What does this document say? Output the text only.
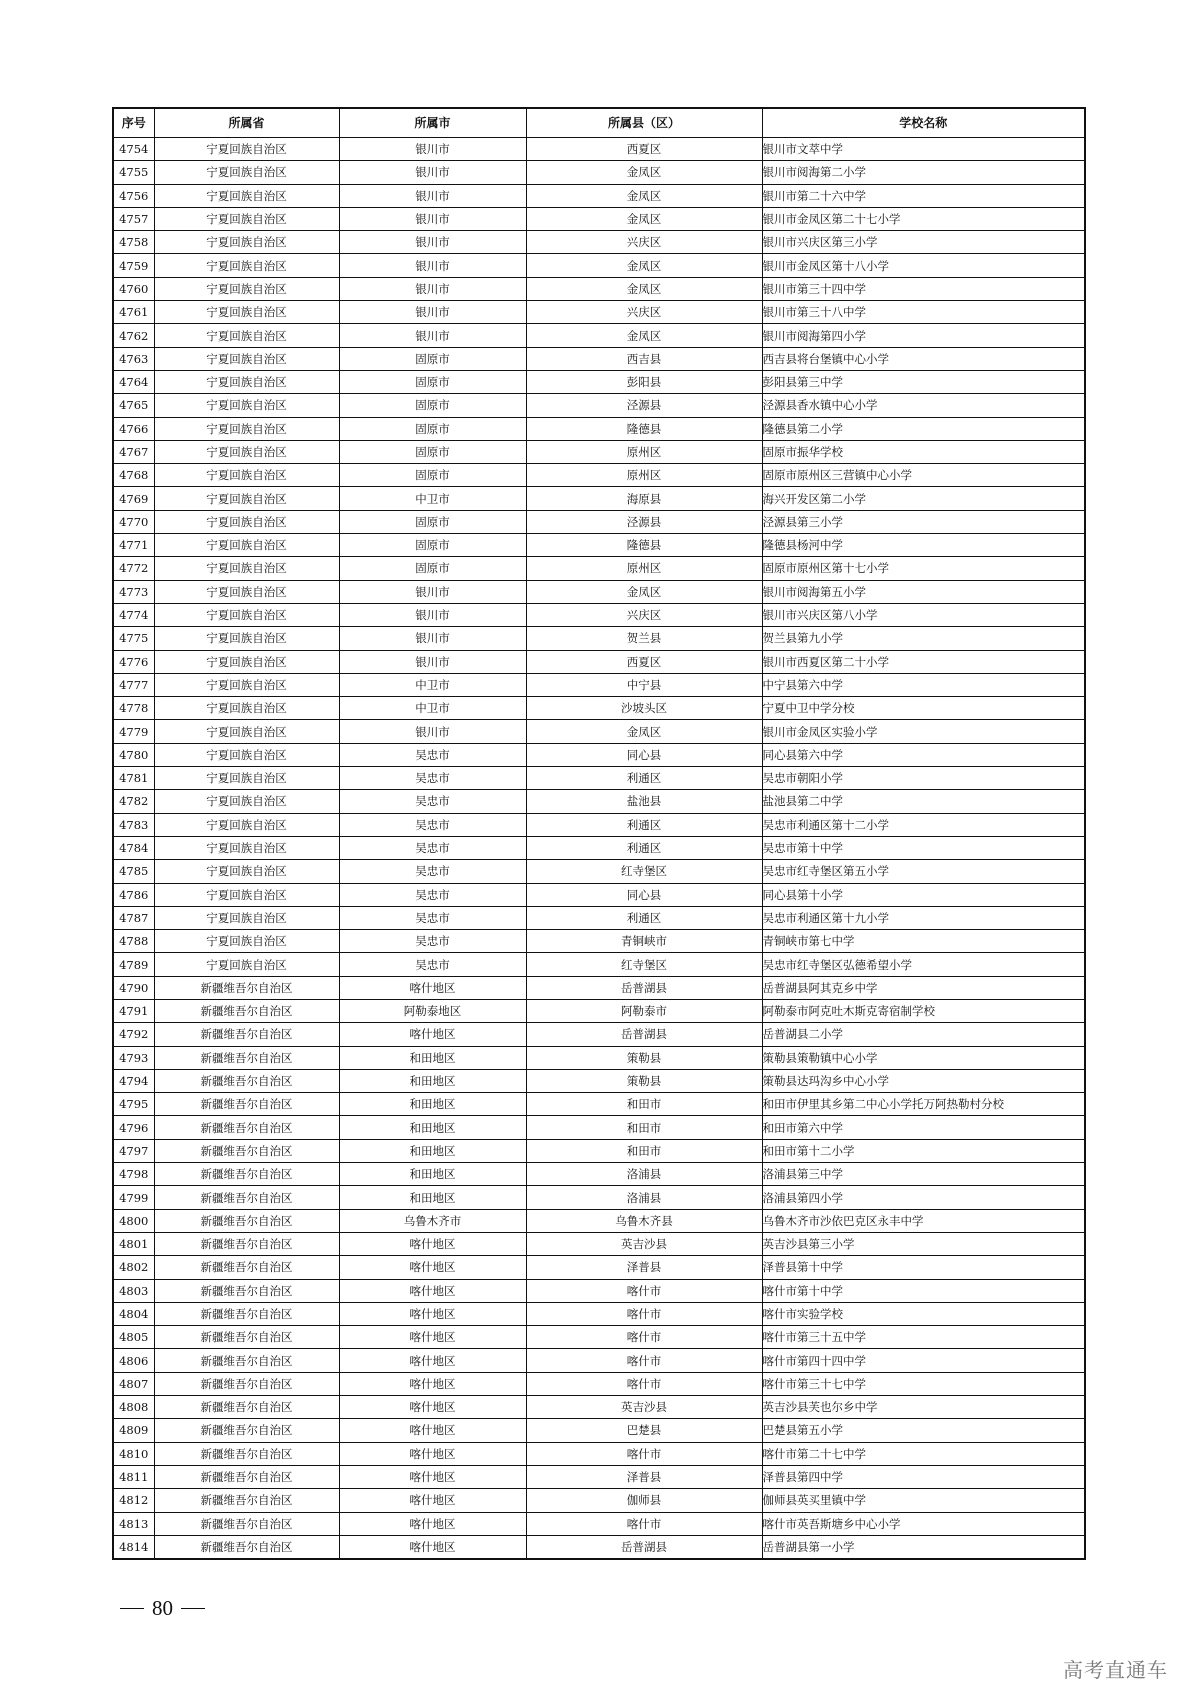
序号	所属省	所属市	所属县（区）	学校名称
4754	宁夏回族自治区	银川市	西夏区	银川市文萃中学
4755	宁夏回族自治区	银川市	金凤区	银川市阅海第二小学
4756	宁夏回族自治区	银川市	金凤区	银川市第二十六中学
4757	宁夏回族自治区	银川市	金凤区	银川市金凤区第二十七小学
4758	宁夏回族自治区	银川市	兴庆区	银川市兴庆区第三小学
4759	宁夏回族自治区	银川市	金凤区	银川市金凤区第十八小学
4760	宁夏回族自治区	银川市	金凤区	银川市第三十四中学
4761	宁夏回族自治区	银川市	兴庆区	银川市第三十八中学
4762	宁夏回族自治区	银川市	金凤区	银川市阅海第四小学
4763	宁夏回族自治区	固原市	西吉县	西吉县将台堡镇中心小学
4764	宁夏回族自治区	固原市	彭阳县	彭阳县第三中学
4765	宁夏回族自治区	固原市	泾源县	泾源县香水镇中心小学
4766	宁夏回族自治区	固原市	隆德县	隆德县第二小学
4767	宁夏回族自治区	固原市	原州区	固原市振华学校
4768	宁夏回族自治区	固原市	原州区	固原市原州区三营镇中心小学
4769	宁夏回族自治区	中卫市	海原县	海兴开发区第二小学
4770	宁夏回族自治区	固原市	泾源县	泾源县第三小学
4771	宁夏回族自治区	固原市	隆德县	隆德县杨河中学
4772	宁夏回族自治区	固原市	原州区	固原市原州区第十七小学
4773	宁夏回族自治区	银川市	金凤区	银川市阅海第五小学
4774	宁夏回族自治区	银川市	兴庆区	银川市兴庆区第八小学
4775	宁夏回族自治区	银川市	贺兰县	贺兰县第九小学
4776	宁夏回族自治区	银川市	西夏区	银川市西夏区第二十小学
4777	宁夏回族自治区	中卫市	中宁县	中宁县第六中学
4778	宁夏回族自治区	中卫市	沙坡头区	宁夏中卫中学分校
4779	宁夏回族自治区	银川市	金凤区	银川市金凤区实验小学
4780	宁夏回族自治区	吴忠市	同心县	同心县第六中学
4781	宁夏回族自治区	吴忠市	利通区	吴忠市朝阳小学
4782	宁夏回族自治区	吴忠市	盐池县	盐池县第二中学
4783	宁夏回族自治区	吴忠市	利通区	吴忠市利通区第十二小学
4784	宁夏回族自治区	吴忠市	利通区	吴忠市第十中学
4785	宁夏回族自治区	吴忠市	红寺堡区	吴忠市红寺堡区第五小学
4786	宁夏回族自治区	吴忠市	同心县	同心县第十小学
4787	宁夏回族自治区	吴忠市	利通区	吴忠市利通区第十九小学
4788	宁夏回族自治区	吴忠市	青铜峡市	青铜峡市第七中学
4789	宁夏回族自治区	吴忠市	红寺堡区	吴忠市红寺堡区弘德希望小学
4790	新疆维吾尔自治区	喀什地区	岳普湖县	岳普湖县阿其克乡中学
4791	新疆维吾尔自治区	阿勒泰地区	阿勒泰市	阿勒泰市阿克吐木斯克寄宿制学校
4792	新疆维吾尔自治区	喀什地区	岳普湖县	岳普湖县二小学
4793	新疆维吾尔自治区	和田地区	策勒县	策勒县策勒镇中心小学
4794	新疆维吾尔自治区	和田地区	策勒县	策勒县达玛沟乡中心小学
4795	新疆维吾尔自治区	和田地区	和田市	和田市伊里其乡第二中心小学托万阿热勒村分校
4796	新疆维吾尔自治区	和田地区	和田市	和田市第六中学
4797	新疆维吾尔自治区	和田地区	和田市	和田市第十二小学
4798	新疆维吾尔自治区	和田地区	洛浦县	洛浦县第三中学
4799	新疆维吾尔自治区	和田地区	洛浦县	洛浦县第四小学
4800	新疆维吾尔自治区	乌鲁木齐市	乌鲁木齐县	乌鲁木齐市沙依巴克区永丰中学
4801	新疆维吾尔自治区	喀什地区	英吉沙县	英吉沙县第三小学
4802	新疆维吾尔自治区	喀什地区	泽普县	泽普县第十中学
4803	新疆维吾尔自治区	喀什地区	喀什市	喀什市第十中学
4804	新疆维吾尔自治区	喀什地区	喀什市	喀什市实验学校
4805	新疆维吾尔自治区	喀什地区	喀什市	喀什市第三十五中学
4806	新疆维吾尔自治区	喀什地区	喀什市	喀什市第四十四中学
4807	新疆维吾尔自治区	喀什地区	喀什市	喀什市第三十七中学
4808	新疆维吾尔自治区	喀什地区	英吉沙县	英吉沙县芙也尔乡中学
4809	新疆维吾尔自治区	喀什地区	巴楚县	巴楚县第五小学
4810	新疆维吾尔自治区	喀什地区	喀什市	喀什市第二十七中学
4811	新疆维吾尔自治区	喀什地区	泽普县	泽普县第四中学
4812	新疆维吾尔自治区	喀什地区	伽师县	伽师县英买里镇中学
4813	新疆维吾尔自治区	喀什地区	喀什市	喀什市英吾斯塘乡中心小学
4814	新疆维吾尔自治区	喀什地区	岳普湖县	岳普湖县第一小学
80
高考直通车
